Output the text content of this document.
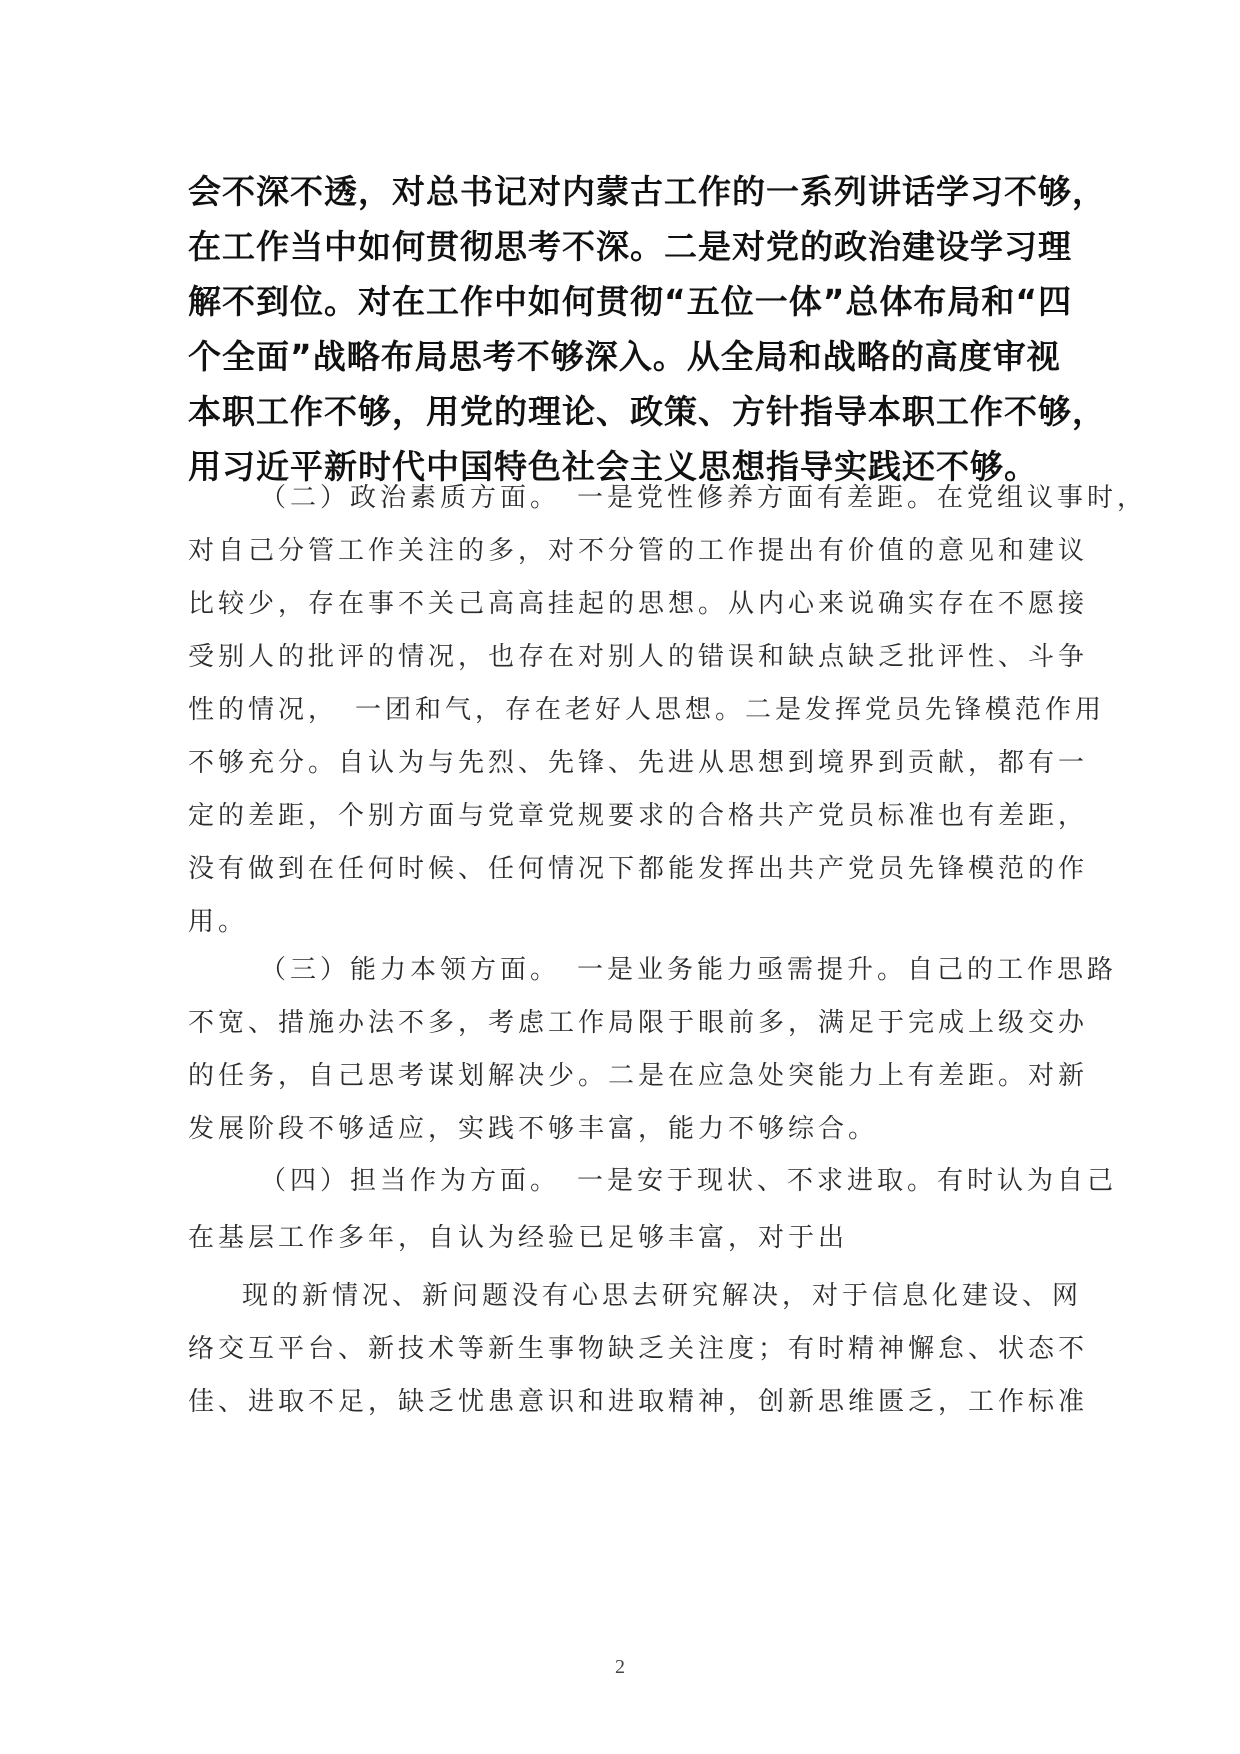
会不深不透，对总书记对内蒙古工作的一系列讲话学习不够，
在工作当中如何贯彻思考不深。二是对党的政治建设学习理
解不到位。对在工作中如何贯彻“五位一体”总体布局和“四
个全面”战略布局思考不够深入。从全局和战略的高度审视
本职工作不够，用党的理论、政策、方针指导本职工作不够，
用习近平新时代中国特色社会主义思想指导实践还不够。
（二）政治素质方面。　一是党性修养方面有差距。在党组议事时，
对自己分管工作关注的多，对不分管的工作提出有价值的意见和建议
比较少，存在事不关己高高挂起的思想。从内心来说确实存在不愿接
受别人的批评的情况，也存在对别人的错误和缺点缺乏批评性、斗争
性的情况，　一团和气，存在老好人思想。二是发挥党员先锋模范作用
不够充分。自认为与先烈、先锋、先进从思想到境界到贡献，都有一
定的差距，个别方面与党章党规要求的合格共产党员标准也有差距，
没有做到在任何时候、任何情况下都能发挥出共产党员先锋模范的作
用。
（三）能力本领方面。　一是业务能力亟需提升。自己的工作思路
不宽、措施办法不多，考虑工作局限于眼前多，满足于完成上级交办
的任务，自己思考谋划解决少。二是在应急处突能力上有差距。对新
发展阶段不够适应，实践不够丰富，能力不够综合。
（四）担当作为方面。　一是安于现状、不求进取。有时认为自己
在基层工作多年，自认为经验已足够丰富，对于出
现的新情况、新问题没有心思去研究解决，对于信息化建设、网
络交互平台、新技术等新生事物缺乏关注度；有时精神懈怠、状态不
佳、进取不足，缺乏忧患意识和进取精神，创新思维匮乏，工作标准
2
